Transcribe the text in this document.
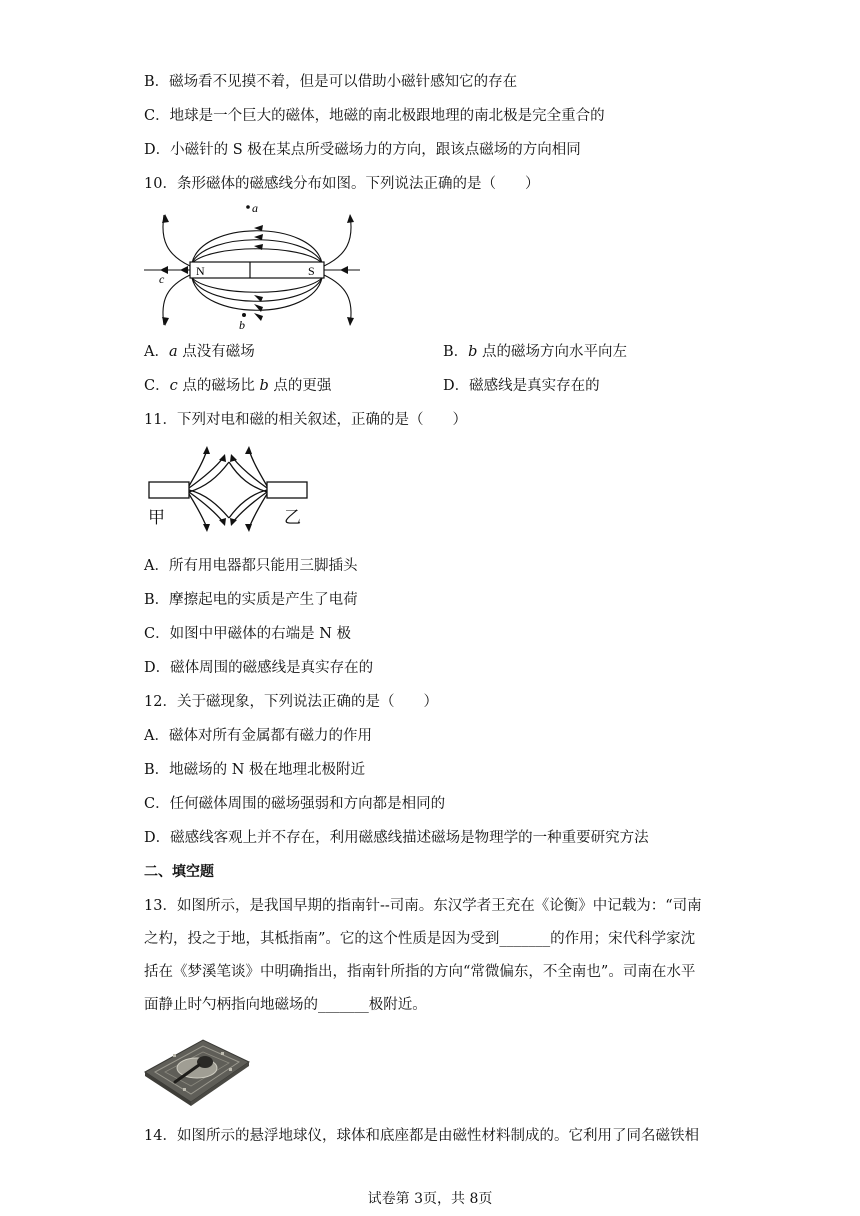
B．磁场看不见摸不着，但是可以借助小磁针感知它的存在
C．地球是一个巨大的磁体，地磁的南北极跟地理的南北极是完全重合的
D．小磁针的 S 极在某点所受磁场力的方向，跟该点磁场的方向相同
10．条形磁体的磁感线分布如图。下列说法正确的是（　　）
N	S
a
b
c
A．a 点没有磁场	B．b 点的磁场方向水平向左
C．c 点的磁场比 b 点的更强	D．磁感线是真实存在的
11．下列对电和磁的相关叙述，正确的是（　　）
甲	乙
A．所有用电器都只能用三脚插头
B．摩擦起电的实质是产生了电荷
C．如图中甲磁体的右端是 N 极
D．磁体周围的磁感线是真实存在的
12．关于磁现象，下列说法正确的是（　　）
A．磁体对所有金属都有磁力的作用
B．地磁场的 N 极在地理北极附近
C．任何磁体周围的磁场强弱和方向都是相同的
D．磁感线客观上并不存在，利用磁感线描述磁场是物理学的一种重要研究方法
二、填空题
13．如图所示，是我国早期的指南针--司南。东汉学者王充在《论衡》中记载为：“司南
之杓，投之于地，其柢指南”。它的这个性质是因为受到_______的作用；宋代科学家沈
括在《梦溪笔谈》中明确指出，指南针所指的方向“常微偏东，不全南也”。司南在水平
面静止时勺柄指向地磁场的_______极附近。
14．如图所示的悬浮地球仪，球体和底座都是由磁性材料制成的。它利用了同名磁铁相
试卷第 3页，共 8页
